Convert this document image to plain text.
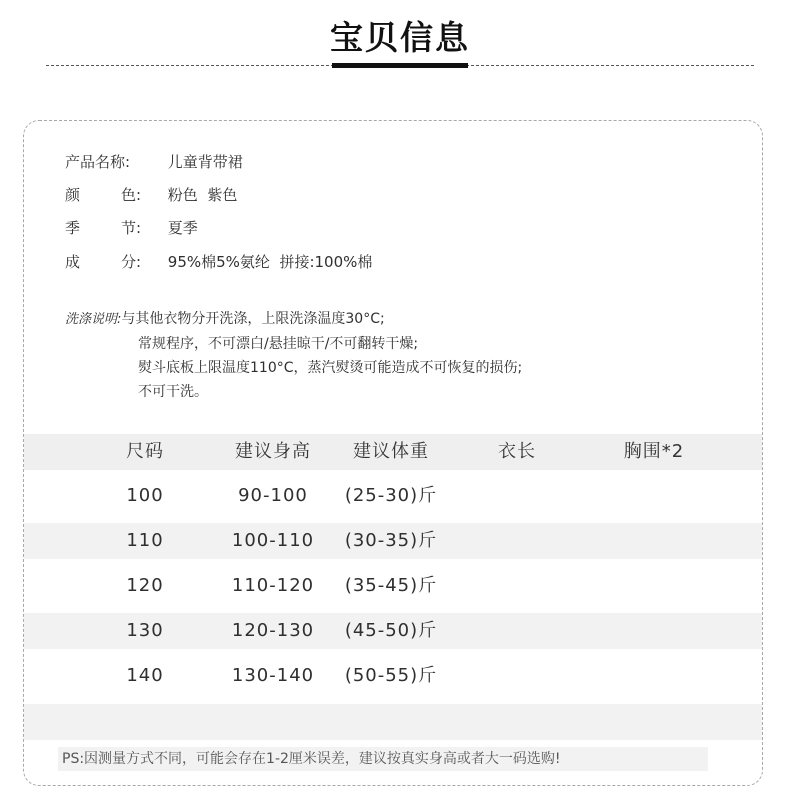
宝贝信息
产品名称:	儿童背带裙
颜	色: 粉色  紫色
季	节: 夏季
成	分: 95%棉5%氨纶  拼接:100%棉
洗涤说明:与其他衣物分开洗涤，上限洗涤温度30°C;
常规程序，不可漂白/悬挂晾干/不可翻转干燥;
熨斗底板上限温度110°C，蒸汽熨烫可能造成不可恢复的损伤;
不可干洗。
尺码	建议身高	建议体重	衣长	胸围*2
100	90-100	(25-30)斤
110	100-110	(30-35)斤
120	110-120	(35-45)斤
130	120-130	(45-50)斤
140	130-140	(50-55)斤
PS:因测量方式不同，可能会存在1-2厘米误差，建议按真实身高或者大一码选购!
